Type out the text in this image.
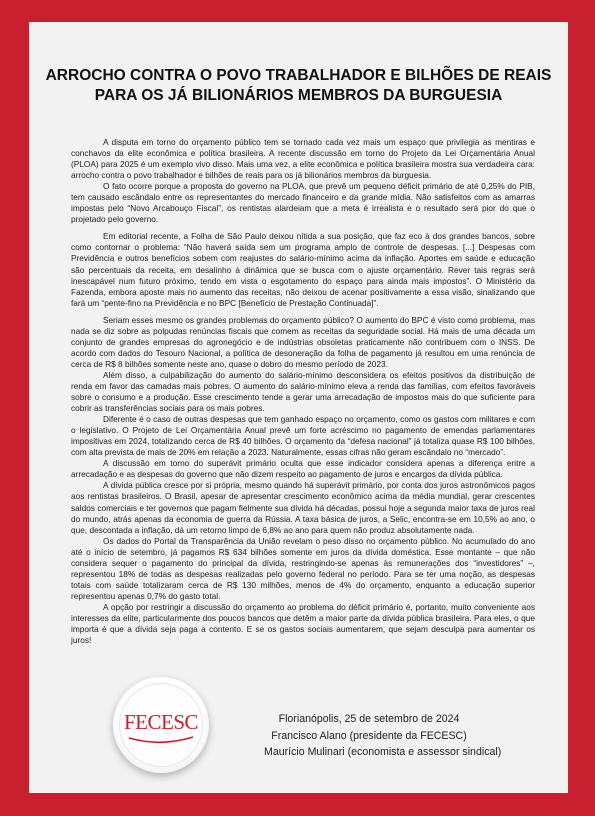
ARROCHO CONTRA O POVO TRABALHADOR E BILHÕES DE REAIS
PARA OS JÁ BILIONÁRIOS MEMBROS DA BURGUESIA

A disputa em torno do orçamento público tem se tornado cada vez mais um espaço que privilegia as mentiras e conchavos da elite econômica e política brasileira. A recente discussão em torno do Projeto da Lei Orçamentária Anual (PLOA) para 2025 é um exemplo vivo disso. Mais uma vez, a elite econômica e política brasileira mostra sua verdadeira cara: arrocho contra o povo trabalhador e bilhões de reais para os já bilionários membros da burguesia.

O fato ocorre porque a proposta do governo na PLOA, que prevê um pequeno déficit primário de até 0,25% do PIB, tem causado escândalo entre os representantes do mercado financeiro e da grande mídia. Não satisfeitos com as amarras impostas pelo “Novo Arcabouço Fiscal”, os rentistas alardeiam que a meta é irrealista e o resultado será pior do que o projetado pelo governo.

Em editorial recente, a Folha de São Paulo deixou nítida a sua posição, que faz eco à dos grandes bancos, sobre como contornar o problema: “Não haverá saída sem um programa amplo de controle de despesas. [...] Despesas com Previdência e outros benefícios sobem com reajustes do salário-mínimo acima da inflação. Aportes em saúde e educação são percentuais da receita, em desalinho à dinâmica que se busca com o ajuste orçamentário. Rever tais regras será inescapável num futuro próximo, tendo em vista o esgotamento do espaço para ainda mais impostos”. O Ministério da Fazenda, embora aposte mais no aumento das receitas, não deixou de acenar positivamente a essa visão, sinalizando que fará um “pente-fino na Previdência e no BPC [Benefício de Prestação Continuada]”.

Seriam esses mesmo os grandes problemas do orçamento público? O aumento do BPC é visto como problema, mas nada se diz sobre as polpudas renúncias fiscais que comem as receitas da seguridade social. Há mais de uma década um conjunto de grandes empresas do agronegócio e de indústrias obsoletas praticamente não contribuem com o INSS. De acordo com dados do Tesouro Nacional, a política de desoneração da folha de pagamento já resultou em uma renúncia de cerca de R$ 8 bilhões somente neste ano, quase o dobro do mesmo período de 2023.

Além disso, a culpabilização do aumento do salário-mínimo desconsidera os efeitos positivos da distribuição de renda em favor das camadas mais pobres. O aumento do salário-mínimo eleva a renda das famílias, com efeitos favoráveis sobre o consumo e a produção. Esse crescimento tende a gerar uma arrecadação de impostos mais do que suficiente para cobrir as transferências sociais para os mais pobres.

Diferente é o caso de outras despesas que tem ganhado espaço no orçamento, como os gastos com militares e com o legislativo. O Projeto de Lei Orçamentária Anual prevê um forte acréscimo no pagamento de emendas parlamentares impositivas em 2024, totalizando cerca de R$ 40 bilhões. O orçamento da “defesa nacional” já totaliza quase R$ 100 bilhões, com alta prevista de mais de 20% em relação a 2023. Naturalmente, essas cifras não geram escândalo no “mercado”.

A discussão em torno do superávit primário oculta que esse indicador considera apenas a diferença entre a arrecadação e as despesas do governo que não dizem respeito ao pagamento de juros e encargos da dívida pública.

A dívida pública cresce por si própria, mesmo quando há superávit primário, por conta dos juros astronômicos pagos aos rentistas brasileiros. O Brasil, apesar de apresentar crescimento econômico acima da média mundial, gerar crescentes saldos comerciais e ter governos que pagam fielmente sua dívida há décadas, possui hoje a segunda maior taxa de juros real do mundo, atrás apenas da economia de guerra da Rússia. A taxa básica de juros, a Selic, encontra-se em 10,5% ao ano, o que, descontada a inflação, dá um retorno limpo de 6,8% ao ano para quem não produz absolutamente nada.

Os dados do Portal da Transparência da União revelam o peso disso no orçamento público. No acumulado do ano até o início de setembro, já pagamos R$ 634 bilhões somente em juros da dívida doméstica. Esse montante – que não considera sequer o pagamento do principal da dívida, restringindo-se apenas às remunerações dos “investidores” –, representou 18% de todas as despesas realizadas pelo governo federal no período. Para se ter uma noção, as despesas totais com saúde totalizaram cerca de R$ 130 milhões, menos de 4% do orçamento, enquanto a educação superior representou apenas 0,7% do gasto total.

A opção por restringir a discussão do orçamento ao problema do déficit primário é, portanto, muito conveniente aos interesses da elite, particularmente dos poucos bancos que detêm a maior parte da dívida pública brasileira. Para eles, o que importa é que a dívida seja paga a contento. E se os gastos sociais aumentarem, que sejam desculpa para aumentar os juros!

FECESC	Florianópolis, 25 de setembro de 2024
Francisco Alano (presidente da FECESC)
Maurício Mulinari (economista e assessor sindical)
